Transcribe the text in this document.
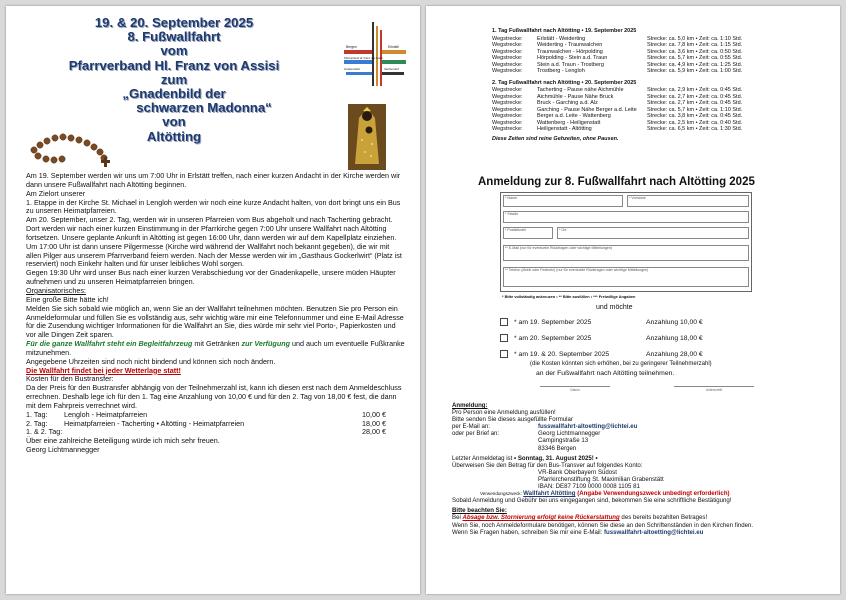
19. & 20. September 2025
8. Fußwallfahrt
vom
Pfarrverband Hl. Franz von Assisi
zum
„Gnadenbild der
schwarzen Madonna“
von
Altötting
Bergen	Erlstätt
Grabenstätt
Pfarrverband Hl. Franz von Assisi
Vachendorf

Am 19. September werden wir uns um 7:00 Uhr in Erlstätt treffen, nach einer kurzen Andacht in der Kirche werden wir dann unsere Fußwallfahrt nach Altötting beginnen.

Am Zielort unserer

1. Etappe in der Kirche St. Michael in Lengloh werden wir noch eine kurze Andacht halten, von dort bringt uns ein Bus zu unseren Heimatpfarreien.

Am 20. September, unser 2. Tag, werden wir in unseren Pfarreien vom Bus abgeholt und nach Tacherting gebracht. Dort werden wir nach einer kurzen Einstimmung in der Pfarrkirche gegen 7:00 Uhr unsere Wallfahrt nach Altötting fortsetzen. Unsere geplante Ankunft in Altötting ist gegen 16:00 Uhr, dann werden wir auf dem Kapellplatz einziehen.

Um 17:00 Uhr ist dann unsere Pilgermesse (Kirche wird während der Wallfahrt noch bekannt gegeben), die wir mit allen Pilger aus unserem Pfarrverband feiern werden. Nach der Messe werden wir im „Gasthaus Gockerlwirt“ (Platz ist reserviert) noch Einkehr halten und für unser leibliches Wohl sorgen.

Gegen 19:30 Uhr wird unser Bus nach einer kurzen Verabschiedung vor der Gnadenkapelle, unsere müden Häupter aufnehmen und zu unseren Heimatpfarreien bringen.

Organisatorisches:

Eine große Bitte hätte ich!

Melden Sie sich sobald wie möglich an, wenn Sie an der Wallfahrt teilnehmen möchten. Benutzen Sie pro Person ein Anmeldeformular und füllen Sie es vollständig aus, sehr wichtig wäre mir eine Telefonnummer und eine E-Mail Adresse für die Zusendung wichtiger Informationen für die Wallfahrt an Sie, dies würde mir sehr viel Porto-, Papierkosten und vor alle Dingen Zeit sparen.

Für die ganze Wallfahrt steht ein Begleitfahrzeug mit Getränken zur Verfügung und auch um eventuelle Fußkranke mitzunehmen.

Angegebene Uhrzeiten sind noch nicht bindend und können sich noch ändern.

Die Wallfahrt findet bei jeder Wetterlage statt!

Kosten für den Bustransfer:

Da der Preis für den Bustransfer abhängig von der Teilnehmerzahl ist, kann ich diesen erst nach dem Anmeldeschluss errechnen. Deshalb lege ich für den 1. Tag eine Anzahlung von 10,00 € und für den 2. Tag von 18,00 € fest, die dann mit dem Fahrpreis verrechnet wird.

1. Tag:	Lengloh - Heimatpfarreien	10,00 €
2. Tag:	Heimatpfarreien - Tacherting • Altötting - Heimatpfarreien	18,00 €
1. & 2. Tag:	28,00 €

Über eine zahlreiche Beteiligung würde ich mich sehr freuen.

Georg Lichtmannegger

1. Tag Fußwallfahrt nach Altötting • 19. September 2025
Wegstrecke:	Erlstätt - Weiderting	Strecke: ca. 5,0 km • Zeit: ca. 1:10 Std.
Wegstrecke:	Weiderting - Traunwalchen	Strecke: ca. 7,8 km • Zeit: ca. 1:15 Std.
Wegstrecke:	Traunwalchen - Hörpolding	Strecke: ca. 3,6 km • Zeit: ca. 0:50 Std.
Wegstrecke:	Hörpolding - Stein a.d. Traun	Strecke: ca. 5,7 km • Zeit: ca. 0:55 Std.
Wegstrecke:	Stein a.d. Traun - Trostberg	Strecke: ca. 4,9 km • Zeit: ca. 1:25 Std.
Wegstrecke:	Trostberg - Lengloh	Strecke: ca. 5,9 km • Zeit: ca. 1:00 Std.
2. Tag Fußwallfahrt nach Altötting • 20. September 2025
Wegstrecke:	Tacherting - Pause nähe Aichmühle	Strecke: ca. 2,9 km • Zeit: ca. 0:45 Std.
Wegstrecke:	Aichmühle - Pause Nähe Bruck	Strecke: ca. 2,7 km • Zeit: ca. 0:45 Std.
Wegstrecke:	Bruck - Garching a.d. Alz	Strecke: ca. 2,7 km • Zeit: ca. 0:45 Std.
Wegstrecke:	Garching - Pause Nähe Berger a.d. Leite	Strecke: ca. 5,7 km • Zeit: ca. 1:10 Std.
Wegstrecke:	Berger a.d. Leite - Wattenberg	Strecke: ca. 3,8 km • Zeit: ca. 0:45 Std.
Wegstrecke:	Wattenberg - Heiligenstatt	Strecke: ca. 2,5 km • Zeit: ca. 0:40 Std.
Wegstrecke:	Heiligenstatt - Altötting	Strecke: ca. 6,5 km • Zeit: ca. 1:30 Std.
Diese Zeiten sind reine Gehzeiten, ohne Pausen.
Anmeldung zur 8. Fußwallfahrt nach Altötting 2025
* Name	* Vorname
* Straße
* Postleitzahl	* Ort
** E-Mail (nur für eventuelle Rückfragen oder wichtige Mitteilungen)
** Telefon (Mobil oder Festnetz) (nur für eventuelle Rückfragen oder wichtige Mitteilungen)
* Bitte vollständig ankreuzen • ** Bitte ausfüllen • *** Freiwillige Angaben
und möchte
* am 19. September 2025	Anzahlung 10,00 €
* am 20. September 2025	Anzahlung 18,00 €
* am 19. & 20. September 2025	Anzahlung 28,00 €
(die Kosten könnten sich erhöhen, bei zu geringerer Teilnehmerzahl)
an der Fußwallfahrt nach Altötting teilnehmen.
Datum	Unterschrift
Anmeldung:
Pro Person eine Anmeldung ausfüllen!
Bitte senden Sie dieses ausgefüllte Formular
per E-Mail an:	fusswallfahrt-altoetting@lichtei.eu
oder per Brief an:	Georg Lichtmannegger
Campingstraße 13
83346 Bergen
Letzter Anmeldetag ist • Sonntag, 31. August 2025! •
Überweisen Sie den Betrag für den Bus-Transver auf folgendes Konto:
VR-Bank Oberbayern Südost
Pfarrkirchenstiftung St. Maximilian Grabenstätt
IBAN: DE87 7109 0000 0008 1105 81
Verwendungszweck: Wallfahrt Altötting (Angabe Verwendungszweck unbedingt erforderlich)
Sobald Anmeldung und Gebühr bei uns eingegangen sind, bekommen Sie eine schriftliche Bestätigung!
Bitte beachten Sie:
Bei Absage bzw. Stornierung erfolgt keine Rückerstattung des bereits bezahlten Betrages!
Wenn Sie, noch Anmeldeformulare benötigen, können Sie diese an den Schriftenständen in den Kirchen finden.
Wenn Sie Fragen haben, schreiben Sie mir eine E-Mail: fusswallfahrt-altoetting@lichtei.eu
